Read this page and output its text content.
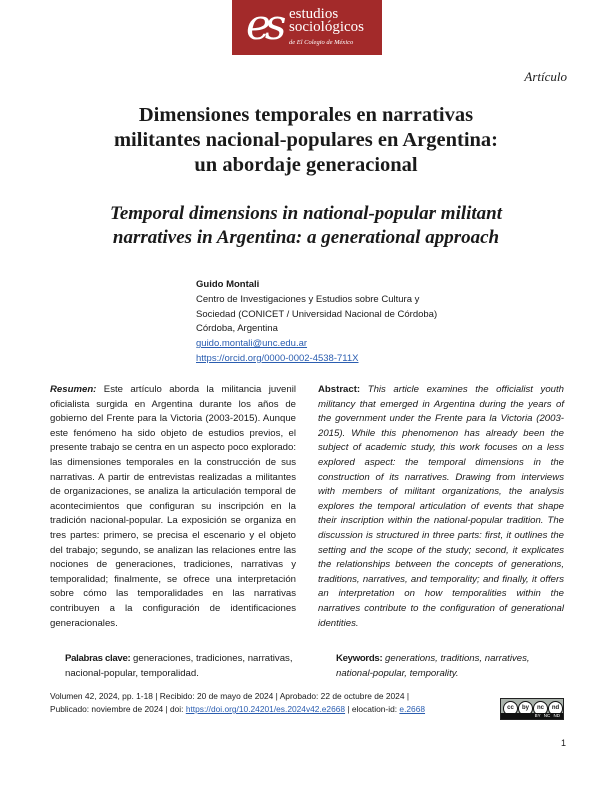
es estudios
sociológicos
de El Colegio de México
Artículo
Dimensiones temporales en narrativas
militantes nacional-populares en Argentina:
un abordaje generacional
Temporal dimensions in national-popular militant
narratives in Argentina: a generational approach
Guido Montali
Centro de Investigaciones y Estudios sobre Cultura y
Sociedad (CONICET / Universidad Nacional de Córdoba)
Córdoba, Argentina
guido.montali@unc.edu.ar
https://orcid.org/0000-0002-4538-711X
Resumen: Este artículo aborda la militancia juvenil oficialista surgida en Argentina durante los años de gobierno del Frente para la Victoria (2003-2015). Aunque este fenómeno ha sido objeto de estudios previos, el presente trabajo se centra en un aspecto poco explorado: las dimensiones temporales en la construcción de sus narrativas. A partir de entrevistas realizadas a militantes de organizaciones, se analiza la articulación temporal de acontecimientos que configuran su inscripción en la tradición nacional-popular. La exposición se organiza en tres partes: primero, se precisa el escenario y el objeto del trabajo; segundo, se analizan las relaciones entre las nociones de generaciones, tradiciones, narrativas y temporalidad; finalmente, se ofrece una interpretación sobre cómo las temporalidades en las narrativas contribuyen a la configuración de identificaciones generacionales.
Abstract: This article examines the officialist youth militancy that emerged in Argentina during the years of the government under the Frente para la Victoria (2003-2015). While this phenomenon has already been the subject of academic study, this work focuses on a less explored aspect: the temporal dimensions in the construction of its narratives. Drawing from interviews with members of militant organizations, the analysis explores the temporal articulation of events that shape their inscription within the national-popular tradition. The discussion is structured in three parts: first, it outlines the setting and the scope of the study; second, it explicates the relationships between the concepts of generations, traditions, narratives, and temporality; and finally, it offers an interpretation on how temporalities within the narratives contribute to the configuration of generational identities.
Palabras clave: generaciones, tradiciones, narrativas, nacional-popular, temporalidad.
Keywords: generations, traditions, narratives, national-popular, temporality.
Volumen 42, 2024, pp. 1-18 | Recibido: 20 de mayo de 2024 | Aprobado: 22 de octubre de 2024 |
Publicado: noviembre de 2024 | doi: https://doi.org/10.24201/es.2024v42.e2668 | elocation-id: e.2668	cc	by	nc	nd
BY NC ND
1
